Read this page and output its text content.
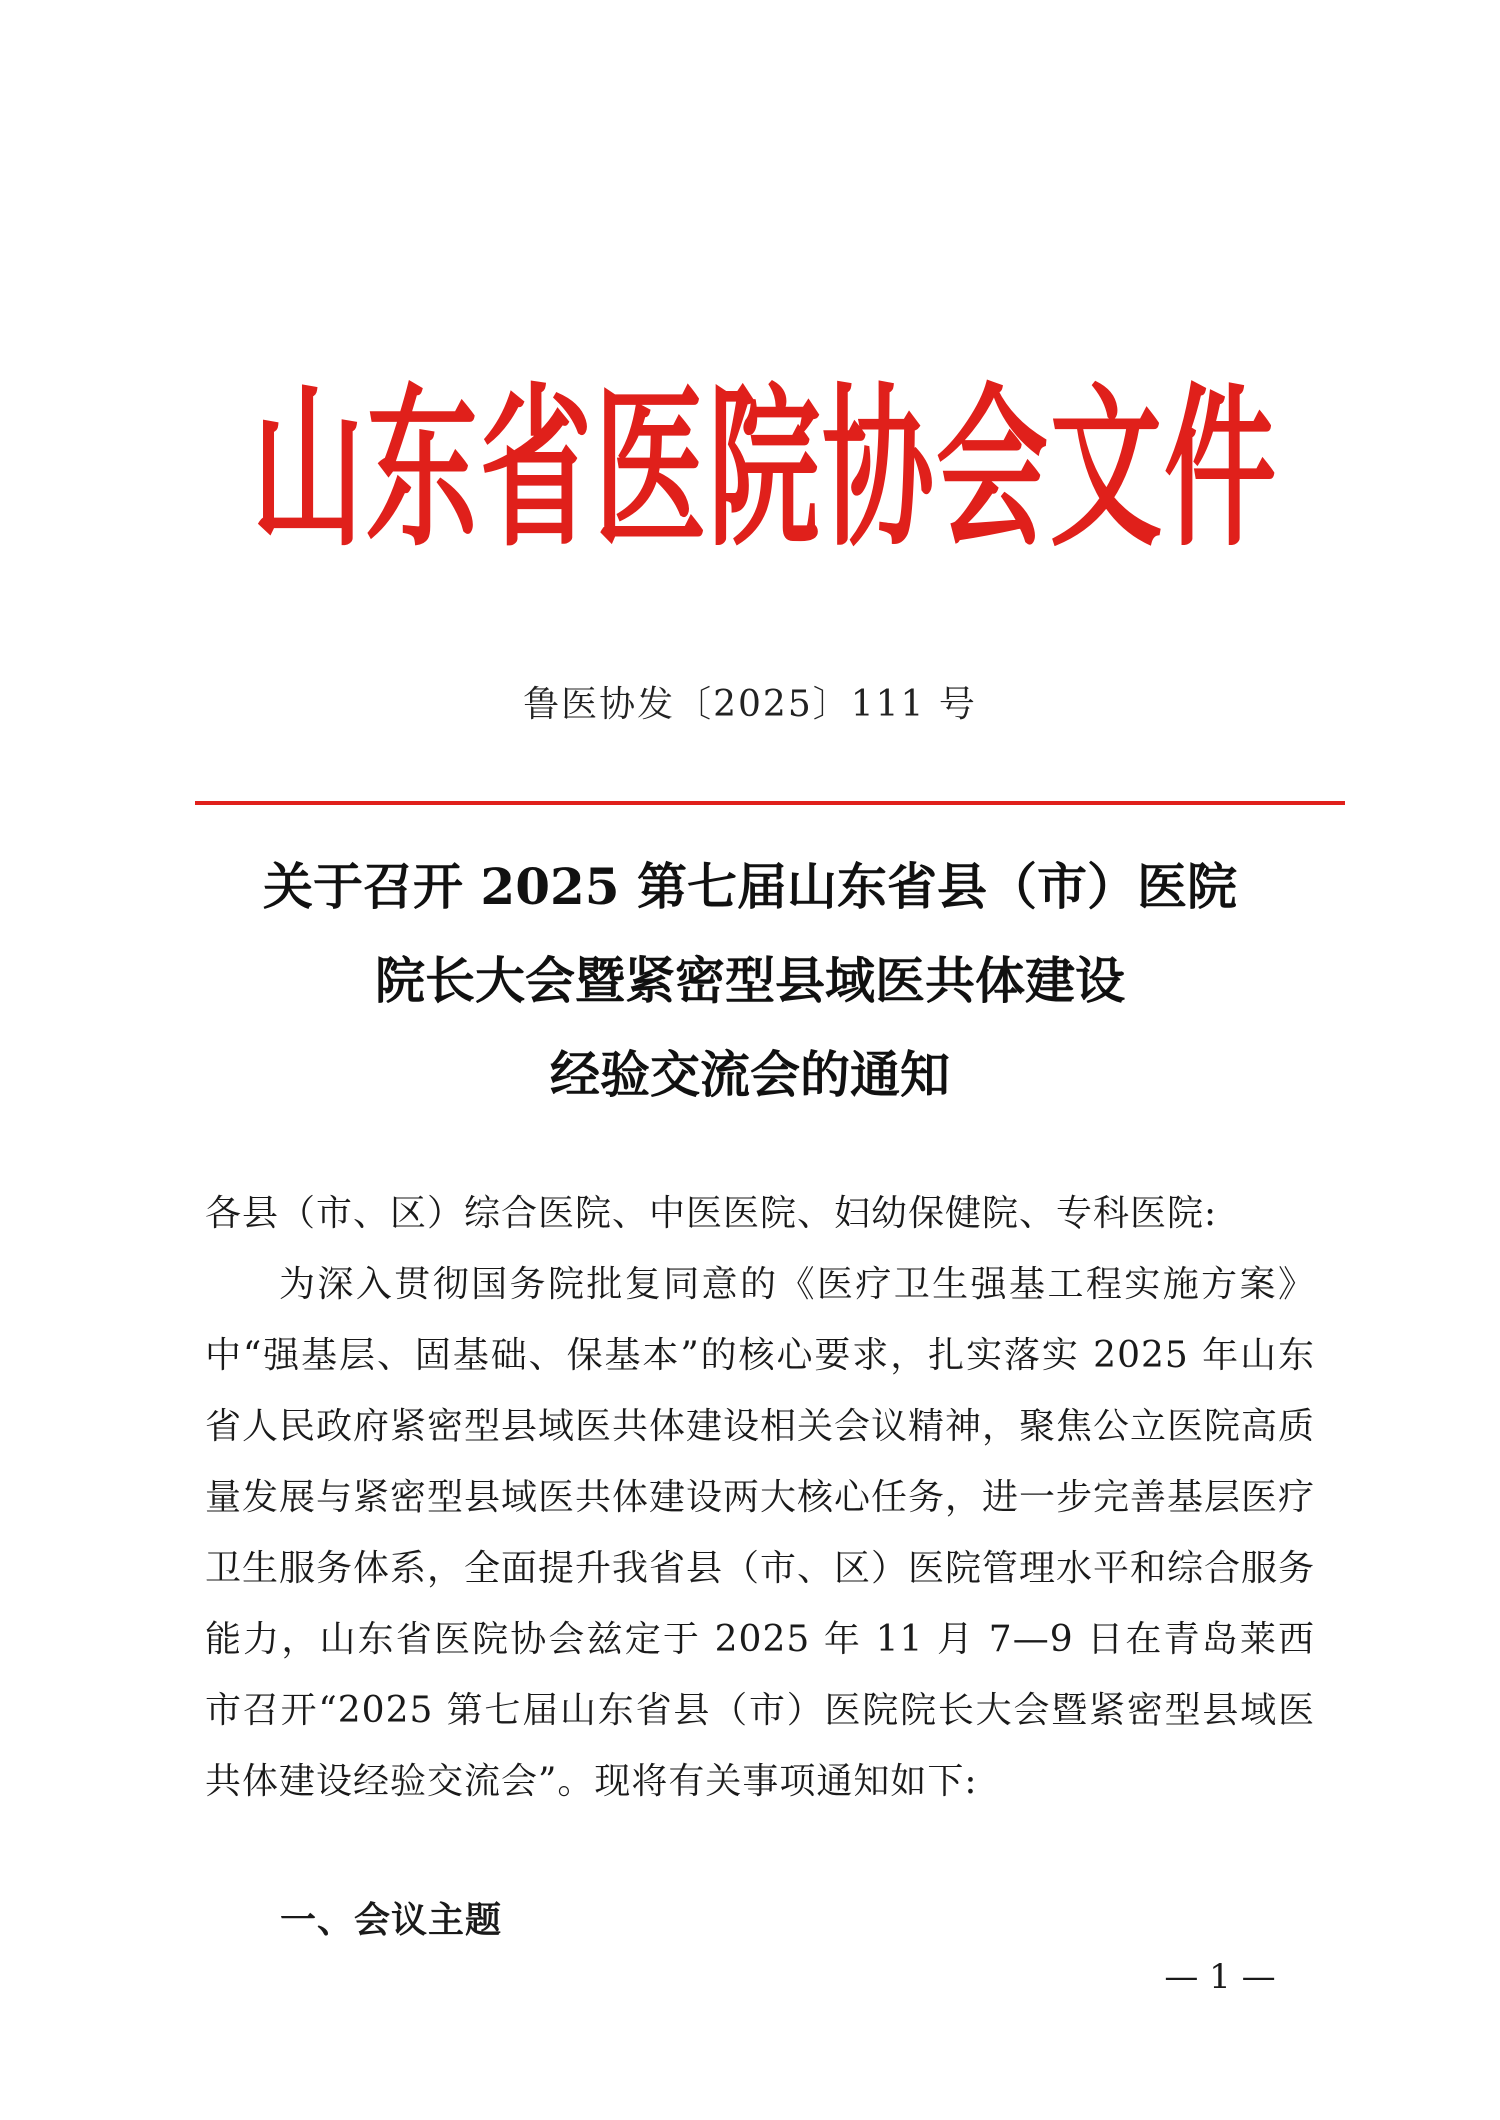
山东省医院协会文件
鲁医协发〔2025〕111 号
关于召开 2025 第七届山东省县（市）医院
院长大会暨紧密型县域医共体建设
经验交流会的通知

各县（市、区）综合医院、中医医院、妇幼保健院、专科医院:

为深入贯彻国务院批复同意的《医疗卫生强基工程实施方案》中“强基层、固基础、保基本”的核心要求，扎实落实 2025 年山东省人民政府紧密型县域医共体建设相关会议精神，聚焦公立医院高质量发展与紧密型县域医共体建设两大核心任务，进一步完善基层医疗卫生服务体系，全面提升我省县（市、区）医院管理水平和综合服务能力，山东省医院协会兹定于 2025 年 11 月 7—9 日在青岛莱西市召开“2025 第七届山东省县（市）医院院长大会暨紧密型县域医共体建设经验交流会”。现将有关事项通知如下:

一、会议主题
— 1 —
